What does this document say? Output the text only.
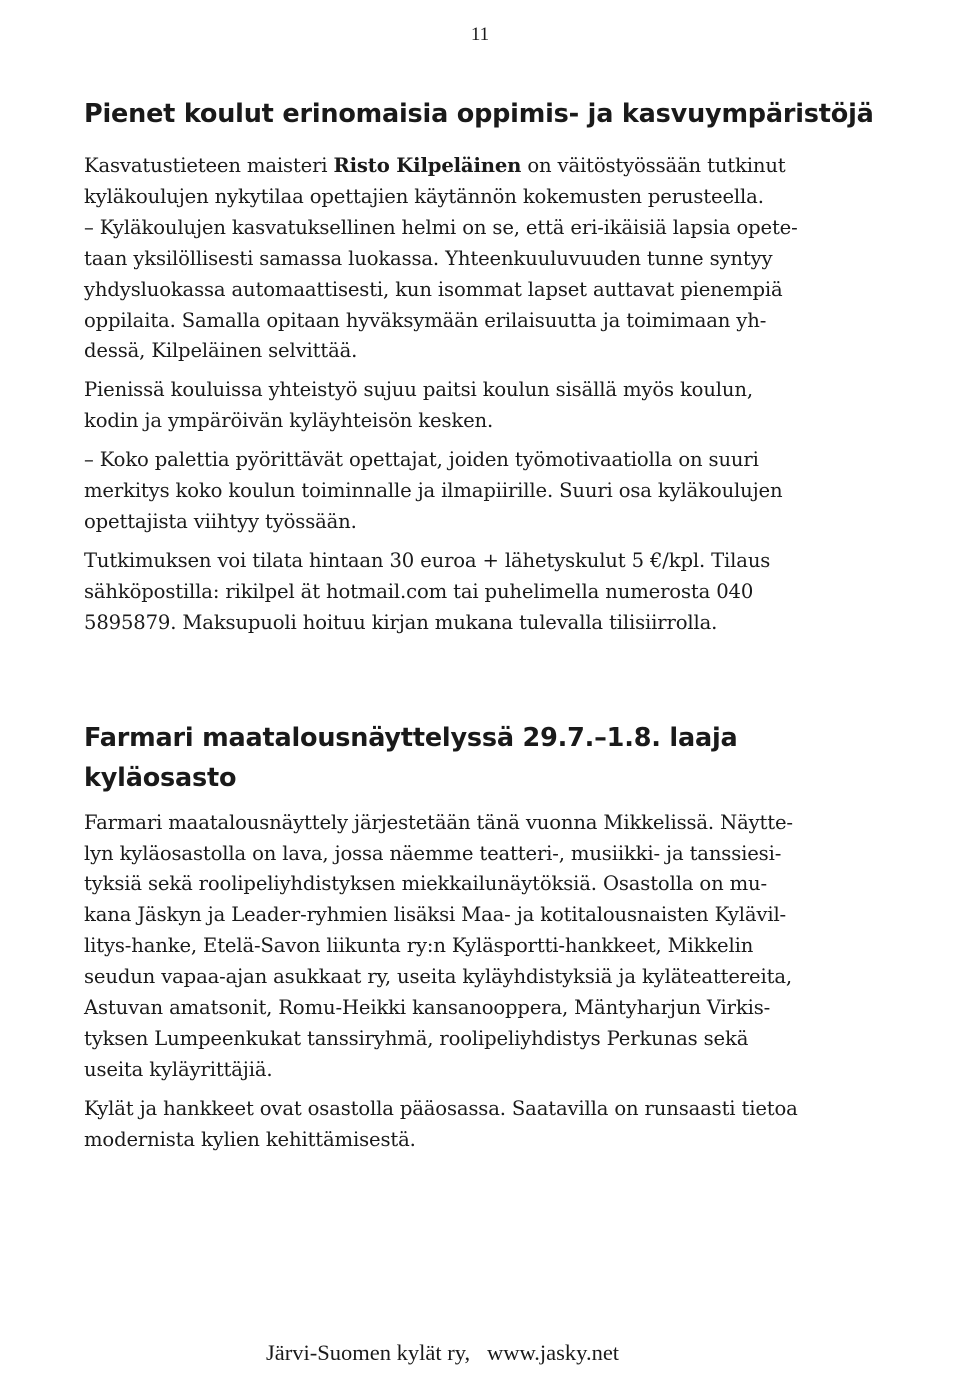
11
Pienet koulut erinomaisia oppimis- ja kasvuympäristöjä

Kasvatustieteen maisteri Risto Kilpeläinen on väitöstyössään tutkinut kyläkoulujen nykytilaa opettajien käytännön kokemusten perusteella.

– Kyläkoulujen kasvatuksellinen helmi on se, että eri-ikäisiä lapsia opete-
taan yksilöllisesti samassa luokassa. Yhteenkuuluvuuden tunne syntyy
yhdysluokassa automaattisesti, kun isommat lapset auttavat pienempiä
oppilaita. Samalla opitaan hyväksymään erilaisuutta ja toimimaan yh-
dessä, Kilpeläinen selvittää.

Pienissä kouluissa yhteistyö sujuu paitsi koulun sisällä myös koulun,
kodin ja ympäröivän kyläyhteisön kesken.

– Koko palettia pyörittävät opettajat, joiden työmotivaatiolla on suuri
merkitys koko koulun toiminnalle ja ilmapiirille. Suuri osa kyläkoulujen
opettajista viihtyy työssään.

Tutkimuksen voi tilata hintaan 30 euroa + lähetyskulut 5 €/kpl. Tilaus
sähköpostilla: rikilpel ät hotmail.com tai puhelimella numerosta 040
5895879. Maksupuoli hoituu kirjan mukana tulevalla tilisiirrolla.

Farmari maatalousnäyttelyssä 29.7.–1.8. laaja kyläosasto

Farmari maatalousnäyttely järjestetään tänä vuonna Mikkelissä. Näytte-
lyn kyläosastolla on lava, jossa näemme teatteri-, musiikki- ja tanssiesi-
tyksiä sekä roolipeliyhdistyksen miekkailunäytöksiä. Osastolla on mu-
kana Jäskyn ja Leader-ryhmien lisäksi Maa- ja kotitalousnaisten Kylävil-
litys-hanke, Etelä-Savon liikunta ry:n Kyläsportti-hankkeet, Mikkelin
seudun vapaa-ajan asukkaat ry, useita kyläyhdistyksiä ja kyläteattereita,
Astuvan amatsonit, Romu-Heikki kansanooppera, Mäntyharjun Virkis-
tyksen Lumpeenkukat tanssiryhmä, roolipeliyhdistys Perkunas sekä
useita kyläyrittäjiä.

Kylät ja hankkeet ovat osastolla pääosassa. Saatavilla on runsaasti tietoa
modernista kylien kehittämisestä.

Järvi-Suomen kylät ry,   www.jasky.net
